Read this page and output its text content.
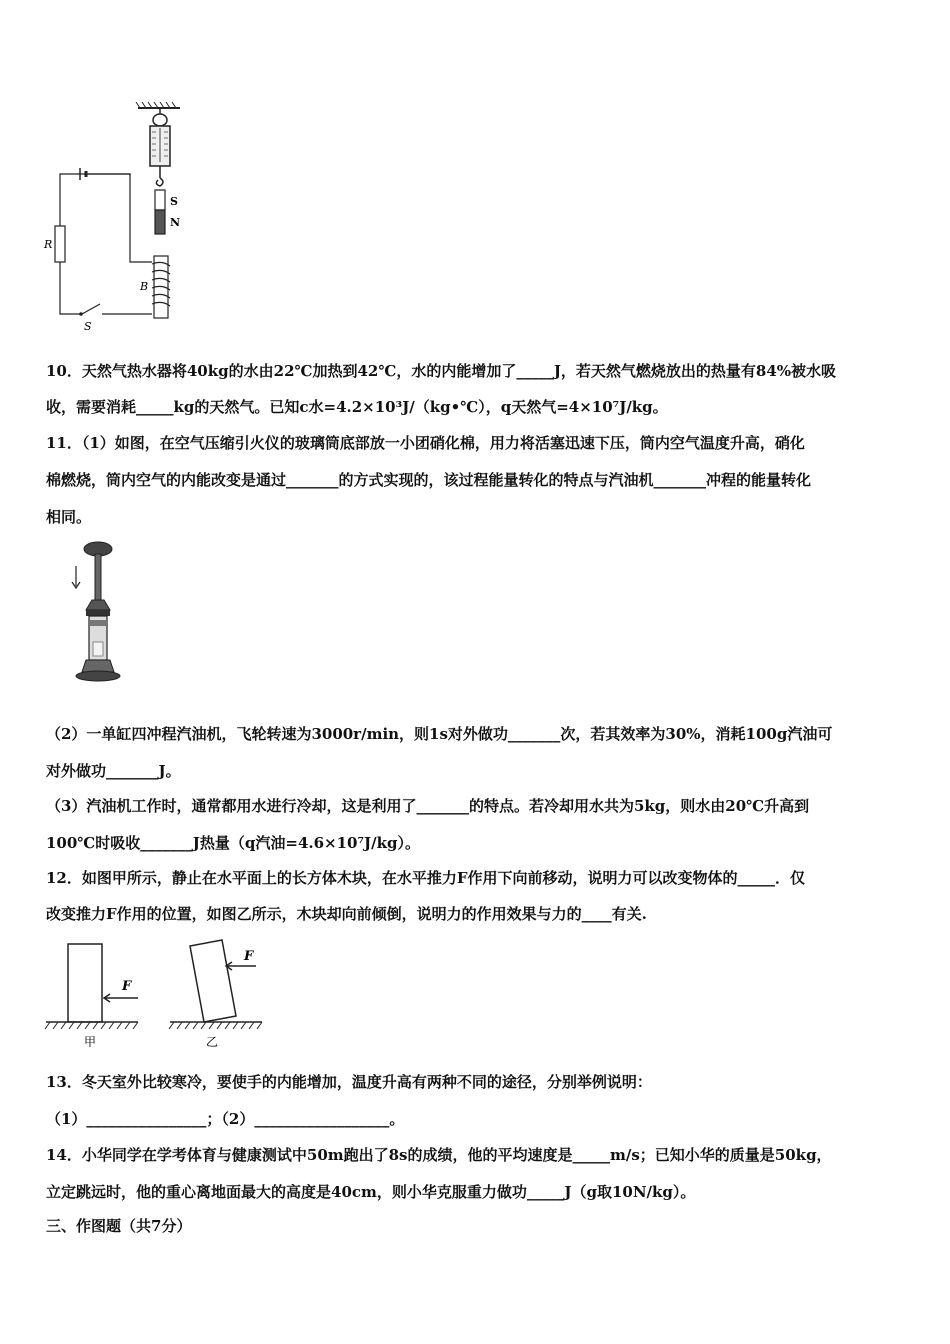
S
N
R
B
S
10．天然气热水器将40kg的水由22℃加热到42℃，水的内能增加了_____J，若天然气燃烧放出的热量有84%被水吸
收，需要消耗_____kg的天然气。已知c水=4.2×10³J/（kg•℃），q天然气=4×10⁷J/kg。
11．（1）如图，在空气压缩引火仪的玻璃筒底部放一小团硝化棉，用力将活塞迅速下压，筒内空气温度升高，硝化
棉燃烧，筒内空气的内能改变是通过_______的方式实现的，该过程能量转化的特点与汽油机_______冲程的能量转化
相同。
（2）一单缸四冲程汽油机，飞轮转速为3000r/min，则1s对外做功_______次，若其效率为30%，消耗100g汽油可
对外做功_______J。
（3）汽油机工作时，通常都用水进行冷却，这是利用了_______的特点。若冷却用水共为5kg，则水由20℃升高到
100℃时吸收_______J热量（q汽油=4.6×10⁷J/kg）。
12．如图甲所示，静止在水平面上的长方体木块，在水平推力F作用下向前移动，说明力可以改变物体的_____．仅
改变推力F作用的位置，如图乙所示，木块却向前倾倒，说明力的作用效果与力的____有关.
F
甲
F
乙
13．冬天室外比较寒冷，要使手的内能增加，温度升高有两种不同的途径，分别举例说明：
（1）________________；（2）__________________。
14．小华同学在学考体育与健康测试中50m跑出了8s的成绩，他的平均速度是_____m/s；已知小华的质量是50kg，
立定跳远时，他的重心离地面最大的高度是40cm，则小华克服重力做功_____J（g取10N/kg）。
三、作图题（共7分）
